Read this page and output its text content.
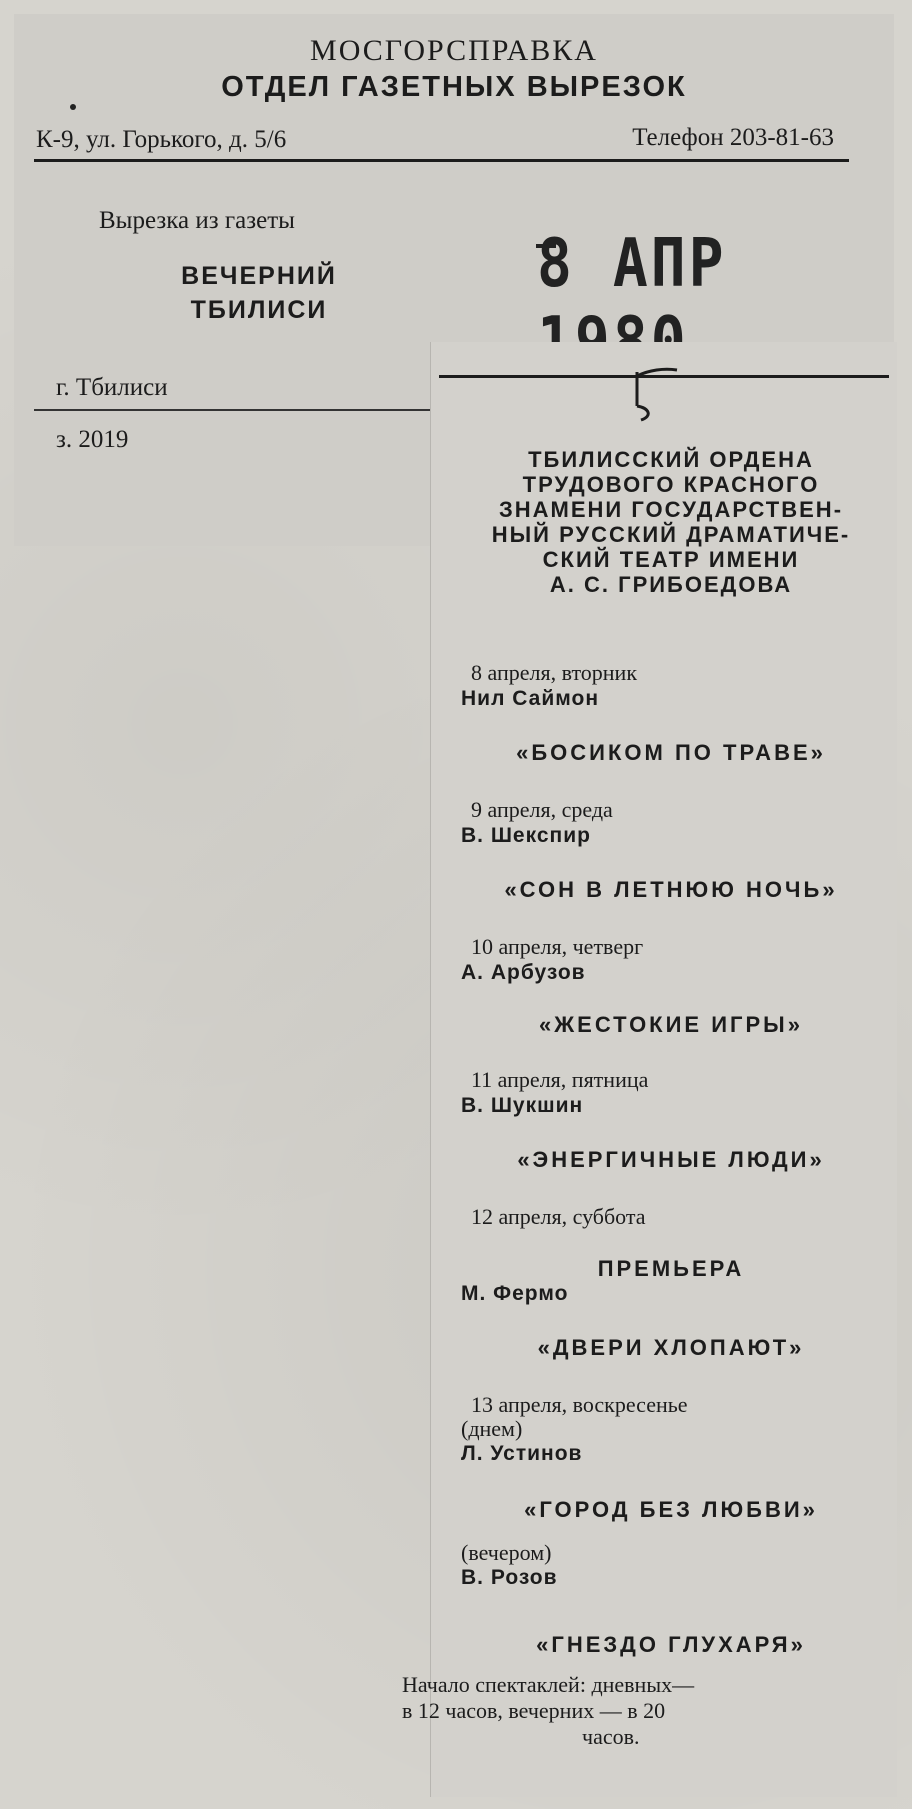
МОСГОРСПРАВКА
ОТДЕЛ ГАЗЕТНЫХ ВЫРЕЗОК
К-9, ул. Горького, д. 5/6	Телефон 203-81-63
Вырезка из газеты
ВЕЧЕРНИЙ
ТБИЛИСИ
8 АПР
г. Тбилиси
з. 2019
ТБИЛИССКИЙ ОРДЕНА
ТРУДОВОГО КРАСНОГО
ЗНАМЕНИ ГОСУДАРСТВЕН-
НЫЙ РУССКИЙ ДРАМАТИЧЕ-
СКИЙ ТЕАТР ИМЕНИ
А. С. ГРИБОЕДОВА
8 апреля, вторник
Нил Саймон
«БОСИКОМ ПО ТРАВЕ»
9 апреля, среда
В. Шекспир
«СОН В ЛЕТНЮЮ НОЧЬ»
10 апреля, четверг
А. Арбузов
«ЖЕСТОКИЕ ИГРЫ»
11 апреля, пятница
В. Шукшин
«ЭНЕРГИЧНЫЕ ЛЮДИ»
12 апреля, суббота
ПРЕМЬЕРА
М. Фермо
«ДВЕРИ ХЛОПАЮТ»
13 апреля, воскресенье
(днем)
Л. Устинов
«ГОРОД БЕЗ ЛЮБВИ»
(вечером)
В. Розов
«ГНЕЗДО ГЛУХАРЯ»
Начало спектаклей: дневных—
в 12 часов, вечерних — в 20
часов.
